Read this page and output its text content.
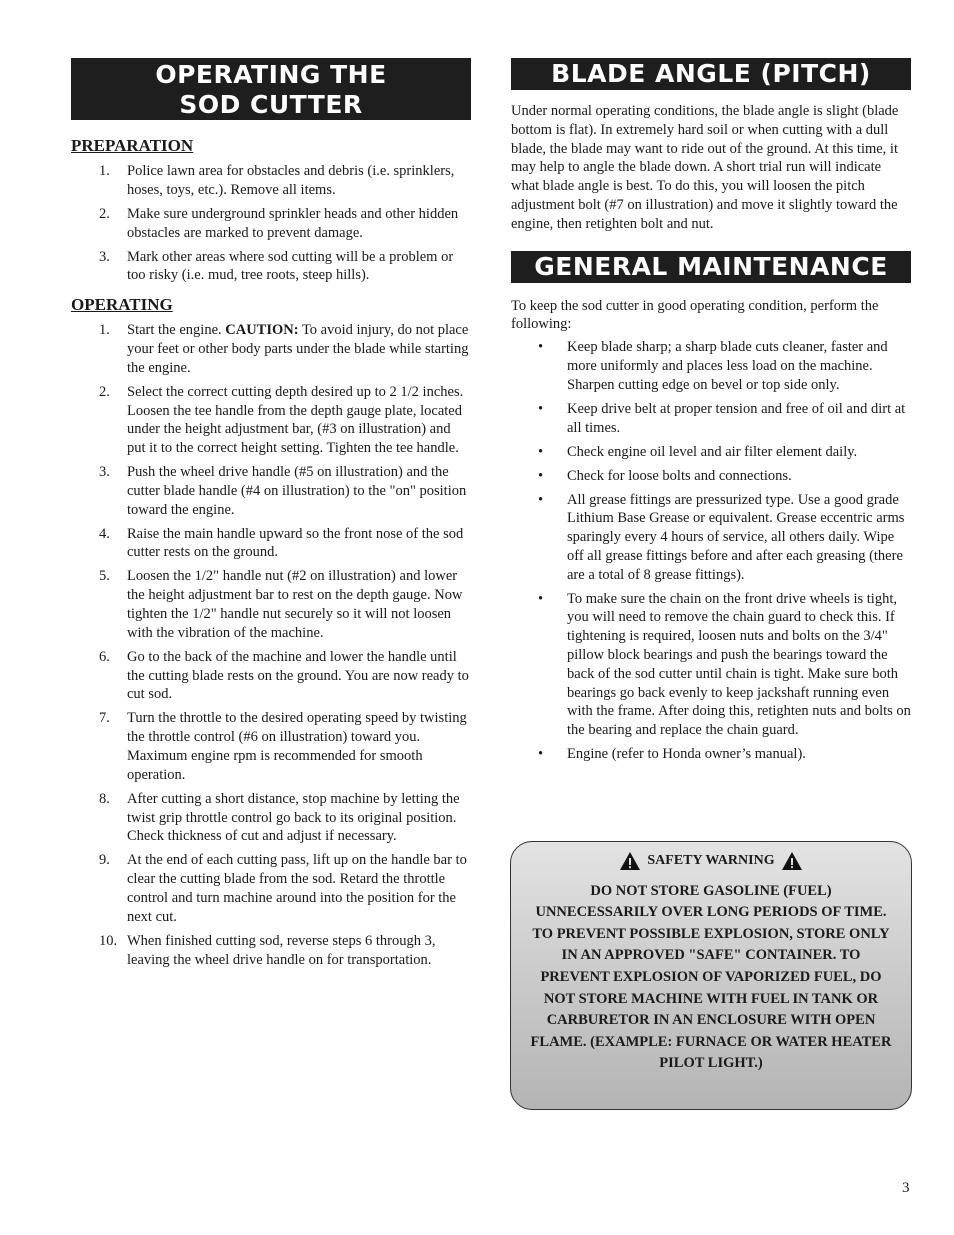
OPERATING THE
SOD CUTTER
PREPARATION
1. Police lawn area for obstacles and debris (i.e. sprinklers, hoses, toys, etc.). Remove all items.
2. Make sure underground sprinkler heads and other hidden obstacles are marked to prevent damage.
3. Mark other areas where sod cutting will be a problem or too risky (i.e. mud, tree roots, steep hills).
OPERATING
1. Start the engine. CAUTION: To avoid injury, do not place your feet or other body parts under the blade while starting the engine.
2. Select the correct cutting depth desired up to 2 1/2 inches. Loosen the tee handle from the depth gauge plate, located under the height adjustment bar, (#3 on illustration) and put it to the correct height setting. Tighten the tee handle.
3. Push the wheel drive handle (#5 on illustration) and the cutter blade handle (#4 on illustration) to the "on" position toward the engine.
4. Raise the main handle upward so the front nose of the sod cutter rests on the ground.
5. Loosen the 1/2" handle nut (#2 on illustration) and lower the height adjustment bar to rest on the depth gauge. Now tighten the 1/2" handle nut securely so it will not loosen with the vibration of the machine.
6. Go to the back of the machine and lower the handle until the cutting blade rests on the ground. You are now ready to cut sod.
7. Turn the throttle to the desired operating speed by twisting the throttle control (#6 on illustration) toward you. Maximum engine rpm is recommended for smooth operation.
8. After cutting a short distance, stop machine by letting the twist grip throttle control go back to its original position. Check thickness of cut and adjust if necessary.
9. At the end of each cutting pass, lift up on the handle bar to clear the cutting blade from the sod. Retard the throttle control and turn machine around into the position for the next cut.
10. When finished cutting sod, reverse steps 6 through 3, leaving the wheel drive handle on for transportation.
BLADE ANGLE (PITCH)

Under normal operating conditions, the blade angle is slight (blade bottom is flat). In extremely hard soil or when cutting with a dull blade, the blade may want to ride out of the ground. At this time, it may help to angle the blade down. A short trial run will indicate what blade angle is best. To do this, you will loosen the pitch adjustment bolt (#7 on illustration) and move it slightly toward the engine, then retighten bolt and nut.

GENERAL MAINTENANCE

To keep the sod cutter in good operating condition, perform the following:

• Keep blade sharp; a sharp blade cuts cleaner, faster and more uniformly and places less load on the machine. Sharpen cutting edge on bevel or top side only.
• Keep drive belt at proper tension and free of oil and dirt at all times.
• Check engine oil level and air filter element daily.
• Check for loose bolts and connections.
• All grease fittings are pressurized type. Use a good grade Lithium Base Grease or equivalent. Grease eccentric arms sparingly every 4 hours of service, all others daily. Wipe off all grease fittings before and after each greasing (there are a total of 8 grease fittings).
• To make sure the chain on the front drive wheels is tight, you will need to remove the chain guard to check this. If tightening is required, loosen nuts and bolts on the 3/4" pillow block bearings and push the bearings toward the back of the sod cutter until chain is tight. Make sure both bearings go back evenly to keep jackshaft running even with the frame. After doing this, retighten nuts and bolts on the bearing and replace the chain guard.
• Engine (refer to Honda owner’s manual).
SAFETY WARNING
DO NOT STORE GASOLINE (FUEL) UNNECESSARILY OVER LONG PERIODS OF TIME. TO PREVENT POSSIBLE EXPLOSION, STORE ONLY IN AN APPROVED "SAFE" CONTAINER. TO PREVENT EXPLOSION OF VAPORIZED FUEL, DO NOT STORE MACHINE WITH FUEL IN TANK OR CARBURETOR IN AN ENCLOSURE WITH OPEN FLAME. (EXAMPLE: FURNACE OR WATER HEATER PILOT LIGHT.)
3
